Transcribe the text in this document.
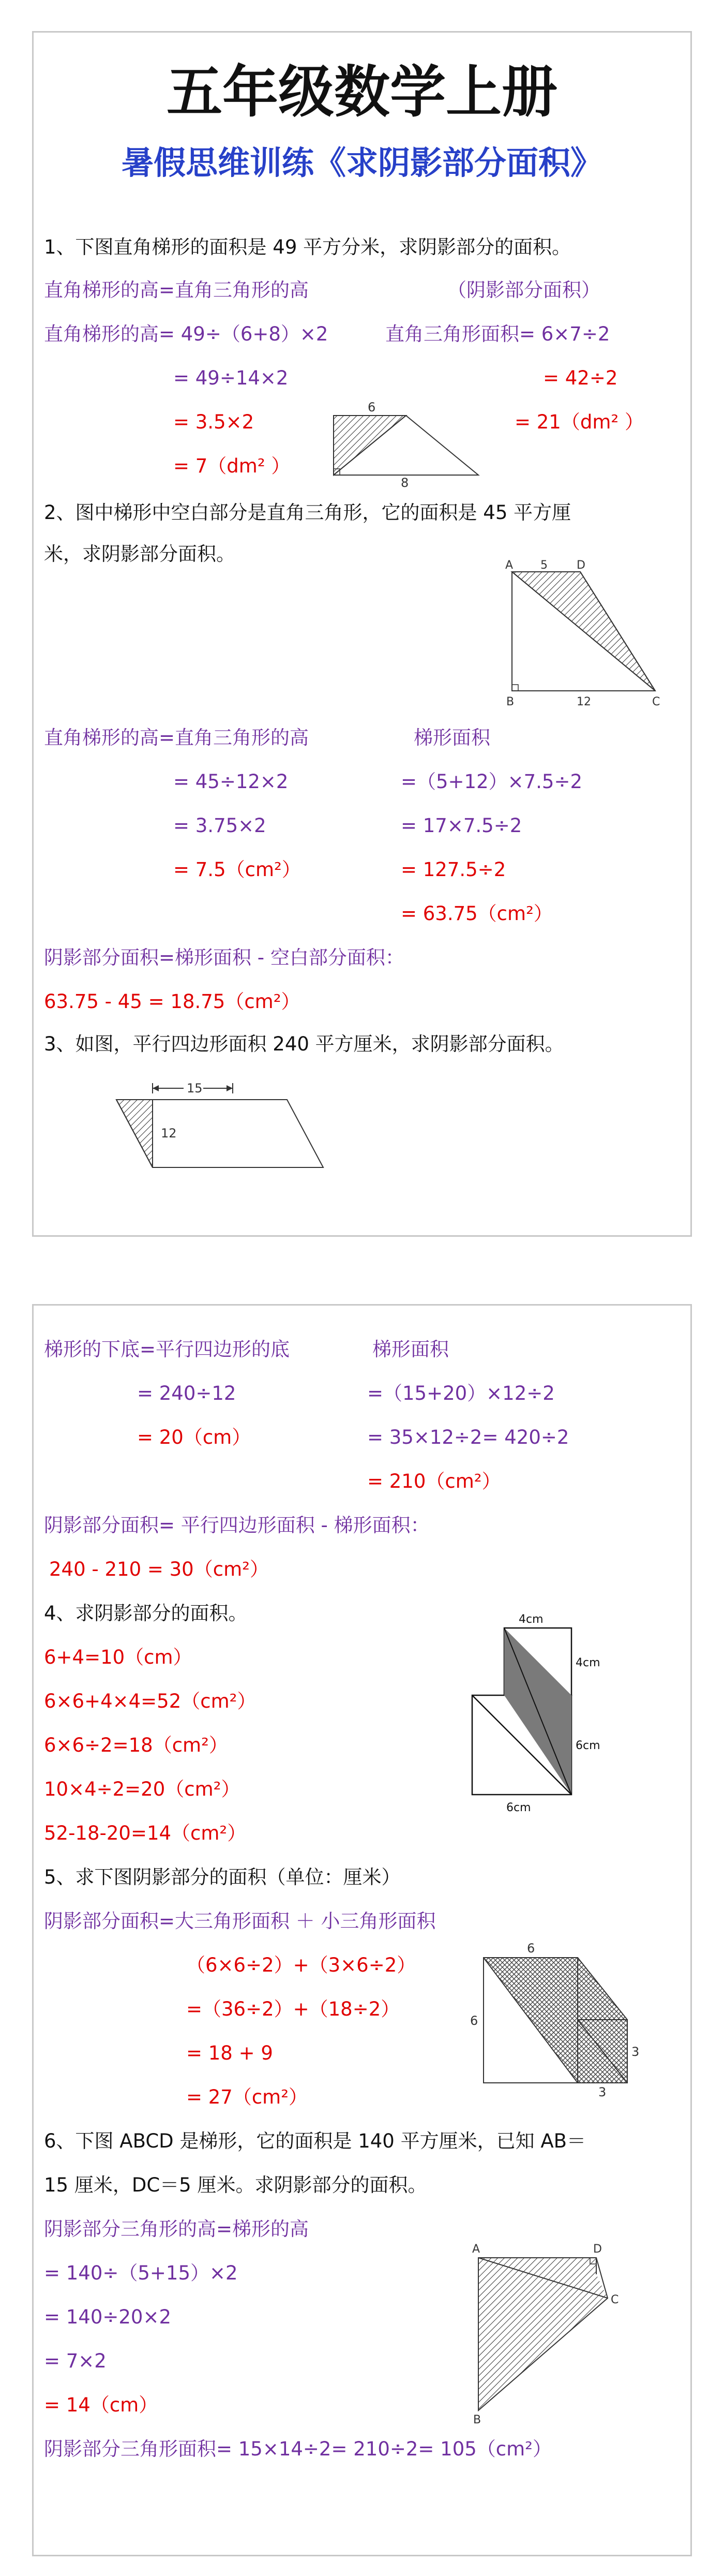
五年级数学上册
暑假思维训练《求阴影部分面积》
1、下图直角梯形的面积是 49 平方分米，求阴影部分的面积。
直角梯形的高=直角三角形的高	（阴影部分面积）
直角梯形的高= 49÷（6+8）×2	直角三角形面积= 6×7÷2
= 49÷14×2	= 42÷2
= 3.5×2	= 21（dm² ）
= 7（dm² ）
6
8
2、图中梯形中空白部分是直角三角形，它的面积是 45 平方厘
米，求阴影部分面积。
A 5	D
B	12	C
直角梯形的高=直角三角形的高	梯形面积
= 45÷12×2	=（5+12）×7.5÷2
= 3.75×2	= 17×7.5÷2
= 7.5（cm²）	= 127.5÷2
= 63.75（cm²）
阴影部分面积=梯形面积 - 空白部分面积：
63.75 - 45 = 18.75（cm²）
3、如图，平行四边形面积 240 平方厘米，求阴影部分面积。
15
12
梯形的下底=平行四边形的底	梯形面积
= 240÷12	=（15+20）×12÷2
= 20（cm）	= 35×12÷2= 420÷2
= 210（cm²）
阴影部分面积= 平行四边形面积 - 梯形面积：
240 - 210 = 30（cm²）
4、求阴影部分的面积。
6+4=10（cm）
6×6+4×4=52（cm²）
6×6÷2=18（cm²）
10×4÷2=20（cm²）
52-18-20=14（cm²）
4cm
4cm
6cm
6cm
5、求下图阴影部分的面积（单位：厘米）
阴影部分面积=大三角形面积 ＋ 小三角形面积
（6×6÷2）+（3×6÷2）
=（36÷2）+（18÷2）
= 18 + 9
= 27（cm²）
6
6
3
3
6、下图 ABCD 是梯形，它的面积是 140 平方厘米，已知 AB＝
15 厘米，DC＝5 厘米。求阴影部分的面积。
阴影部分三角形的高=梯形的高
= 140÷（5+15）×2
= 140÷20×2
= 7×2
= 14（cm）
阴影部分三角形面积= 15×14÷2= 210÷2= 105（cm²）
A	D
C
B
